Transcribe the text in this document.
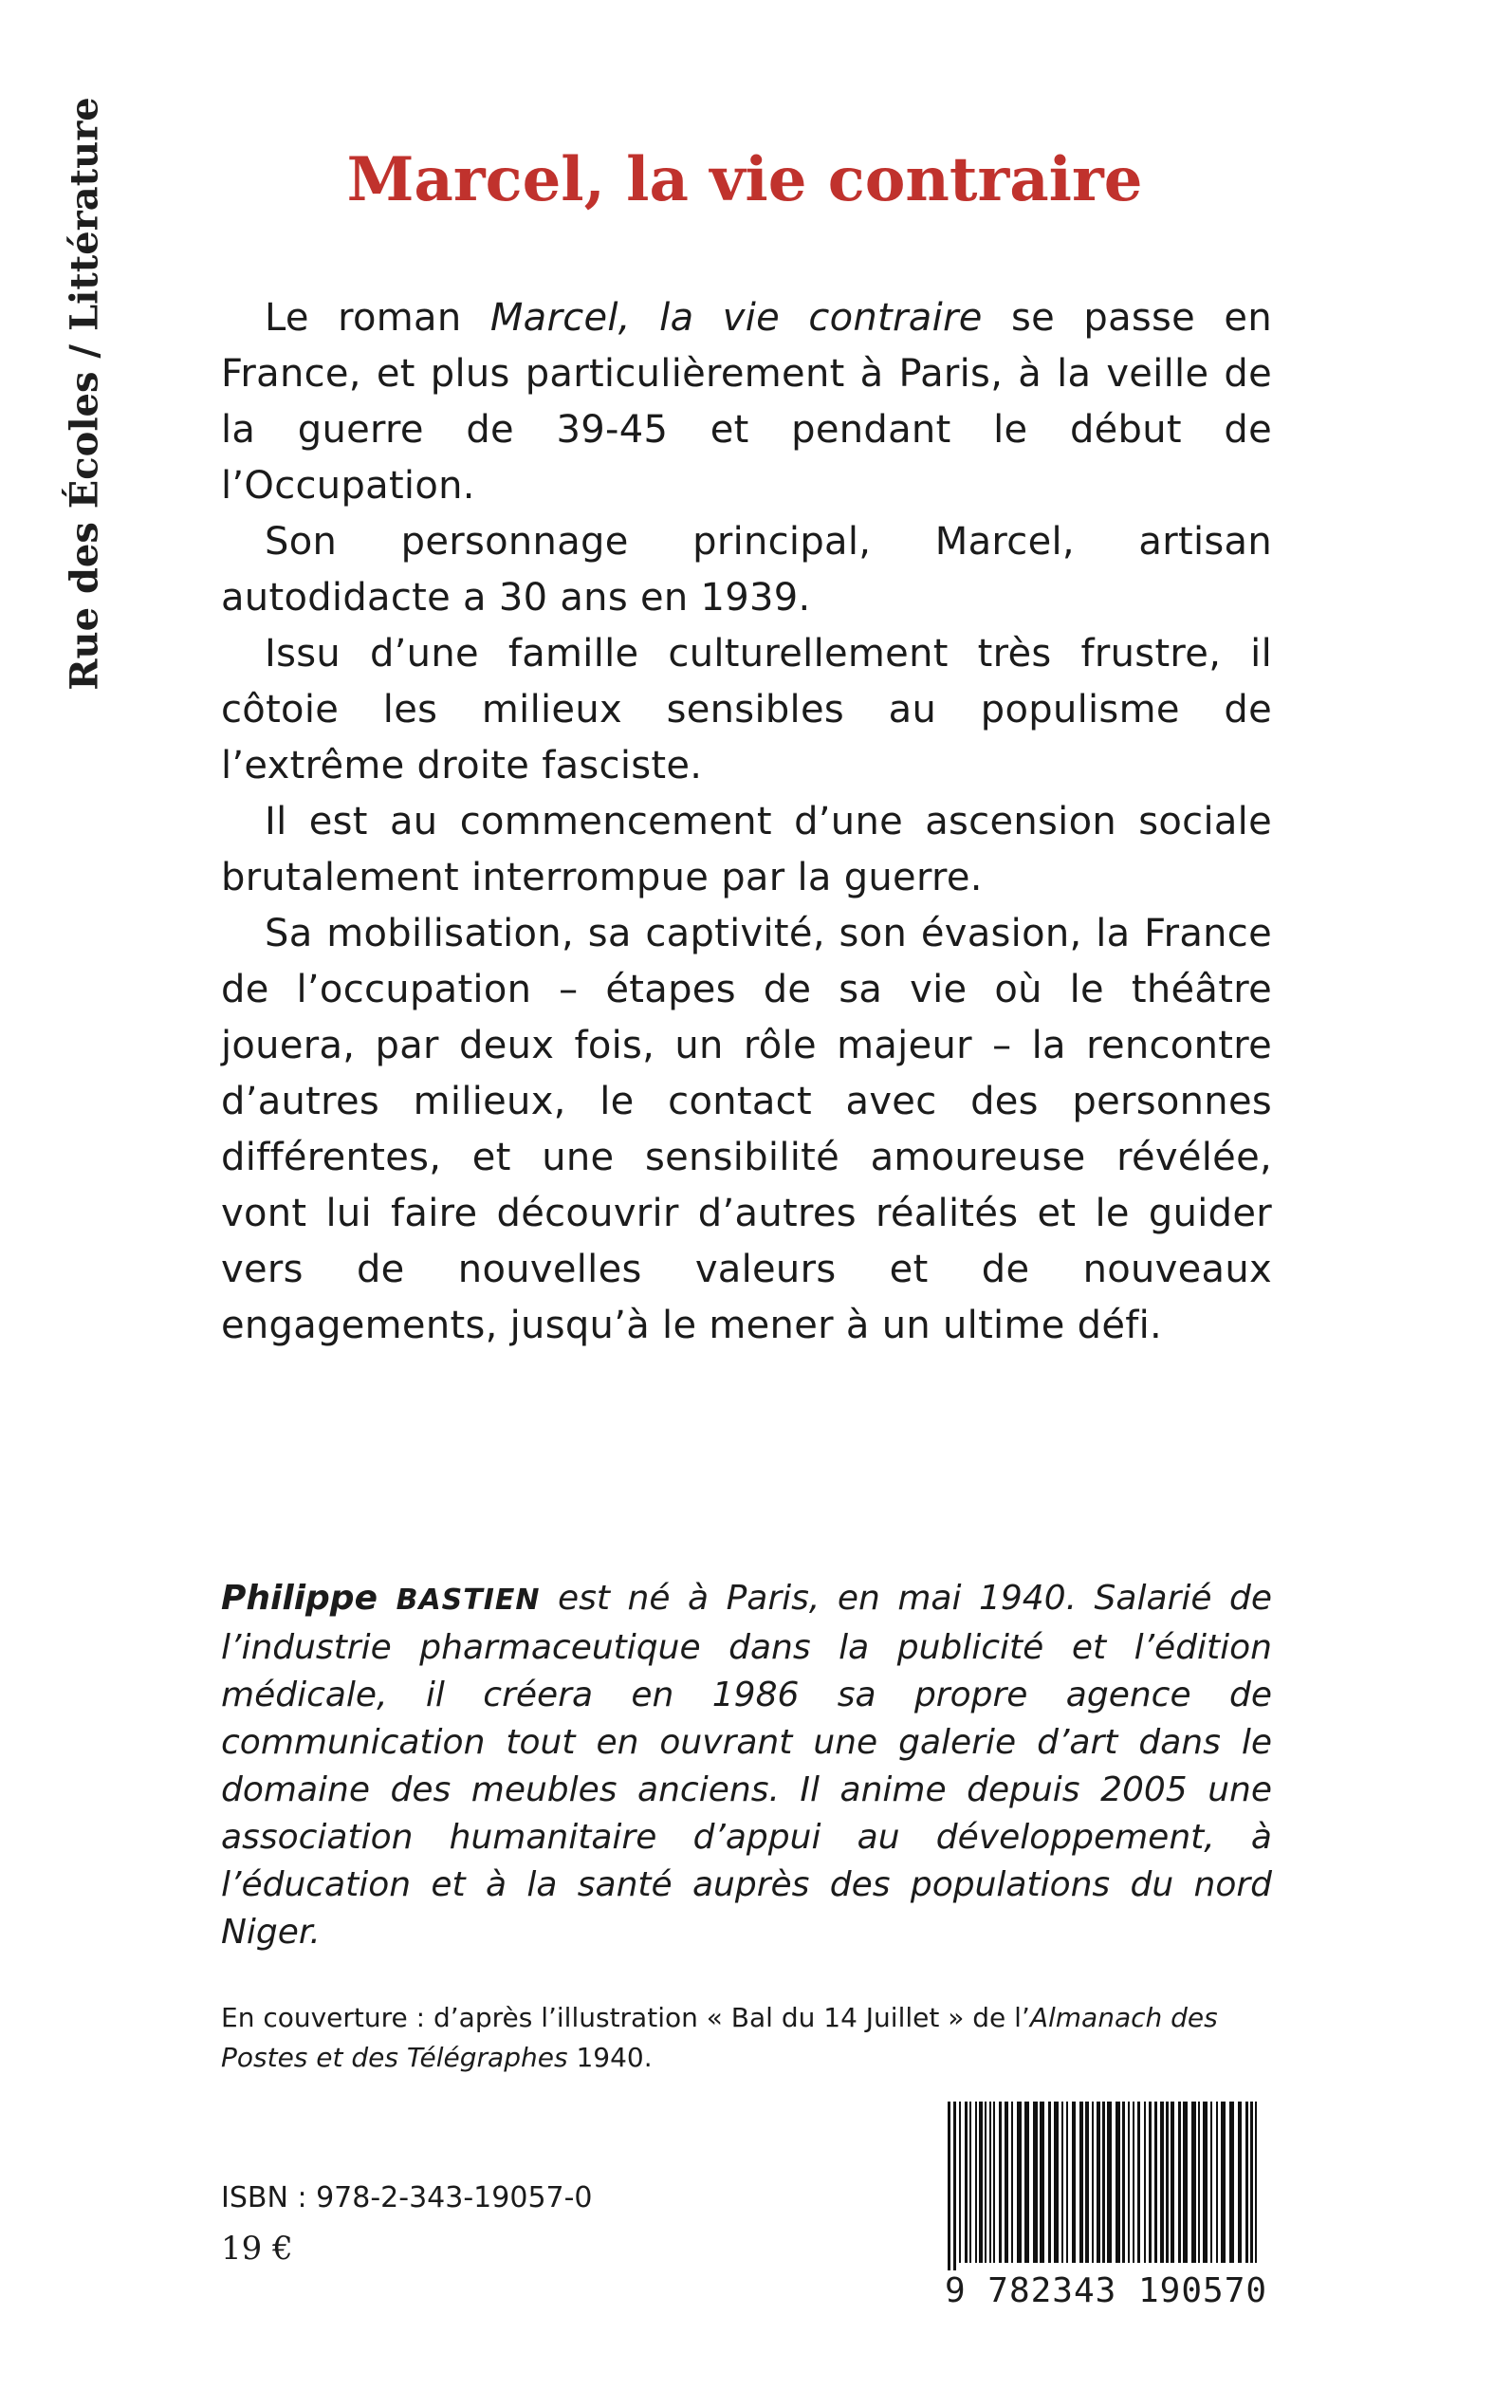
Rue des Écoles / Littérature	Marcel, la vie contraire

Le roman Marcel, la vie contraire se passe en France, et plus particulièrement à Paris, à la veille de la guerre de 39-45 et pendant le début de l’Occupation.

Son personnage principal, Marcel, artisan autodidacte a 30 ans en 1939.

Issu d’une famille culturellement très frustre, il côtoie les milieux sensibles au populisme de l’extrême droite fasciste.

Il est au commencement d’une ascension sociale brutalement interrompue par la guerre.

Sa mobilisation, sa captivité, son évasion, la France de l’occupation – étapes de sa vie où le théâtre jouera, par deux fois, un rôle majeur – la rencontre d’autres milieux, le contact avec des personnes différentes, et une sensibilité amoureuse révélée, vont lui faire découvrir d’autres réalités et le guider vers de nouvelles valeurs et de nouveaux engagements, jusqu’à le mener à un ultime défi.

Philippe BASTIEN est né à Paris, en mai 1940. Salarié de l’industrie pharmaceutique dans la publicité et l’édition médicale, il créera en 1986 sa propre agence de communication tout en ouvrant une galerie d’art dans le domaine des meubles anciens. Il anime depuis 2005 une association humanitaire d’appui au développement, à l’éducation et à la santé auprès des populations du nord Niger.
En couverture : d’après l’illustration « Bal du 14 Juillet » de l’Almanach des Postes et des Télégraphes 1940.
ISBN : 978-2-343-19057-0
19 €
9 782343 190570
